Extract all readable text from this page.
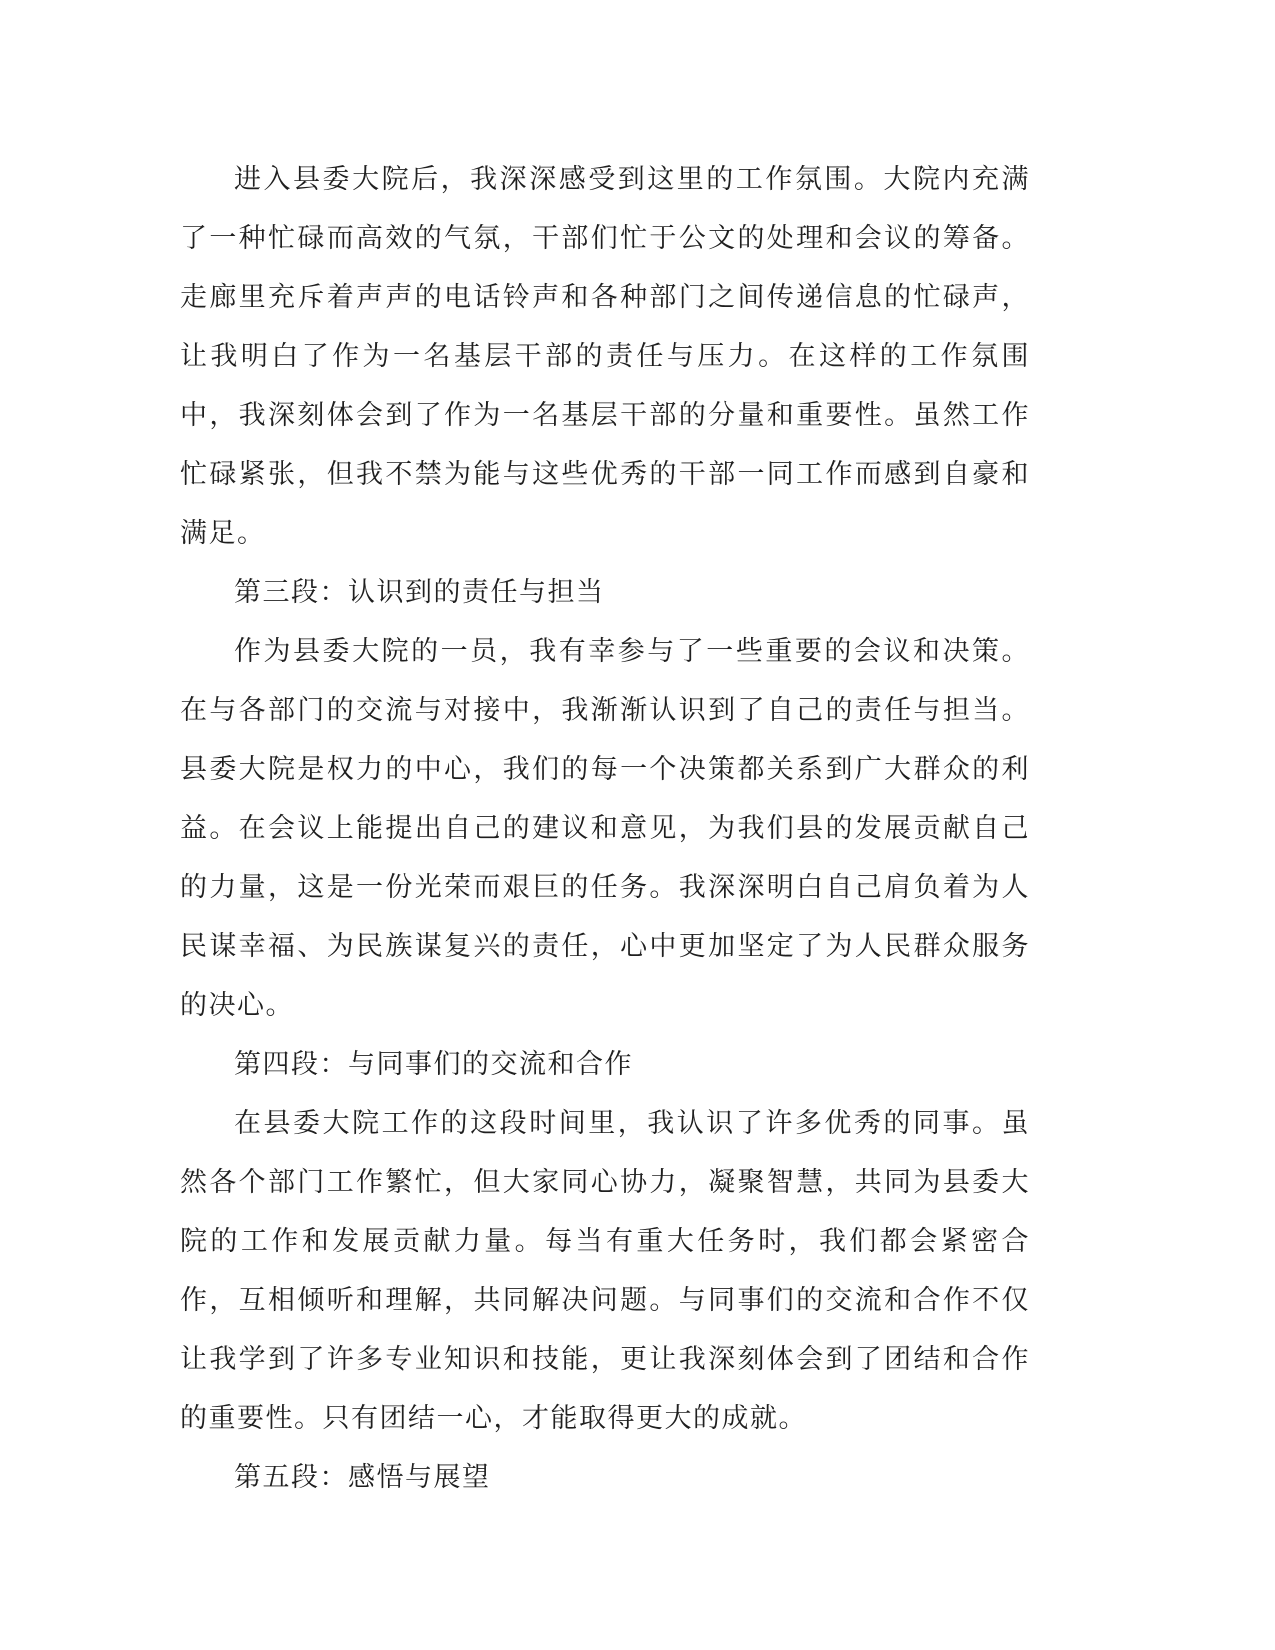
进入县委大院后，我深深感受到这里的工作氛围。大院内充满了一种忙碌而高效的气氛，干部们忙于公文的处理和会议的筹备。走廊里充斥着声声的电话铃声和各种部门之间传递信息的忙碌声，让我明白了作为一名基层干部的责任与压力。在这样的工作氛围中，我深刻体会到了作为一名基层干部的分量和重要性。虽然工作忙碌紧张，但我不禁为能与这些优秀的干部一同工作而感到自豪和满足。

第三段：认识到的责任与担当

作为县委大院的一员，我有幸参与了一些重要的会议和决策。在与各部门的交流与对接中，我渐渐认识到了自己的责任与担当。县委大院是权力的中心，我们的每一个决策都关系到广大群众的利益。在会议上能提出自己的建议和意见，为我们县的发展贡献自己的力量，这是一份光荣而艰巨的任务。我深深明白自己肩负着为人民谋幸福、为民族谋复兴的责任，心中更加坚定了为人民群众服务的决心。

第四段：与同事们的交流和合作

在县委大院工作的这段时间里，我认识了许多优秀的同事。虽然各个部门工作繁忙，但大家同心协力，凝聚智慧，共同为县委大院的工作和发展贡献力量。每当有重大任务时，我们都会紧密合作，互相倾听和理解，共同解决问题。与同事们的交流和合作不仅让我学到了许多专业知识和技能，更让我深刻体会到了团结和合作的重要性。只有团结一心，才能取得更大的成就。

第五段：感悟与展望
